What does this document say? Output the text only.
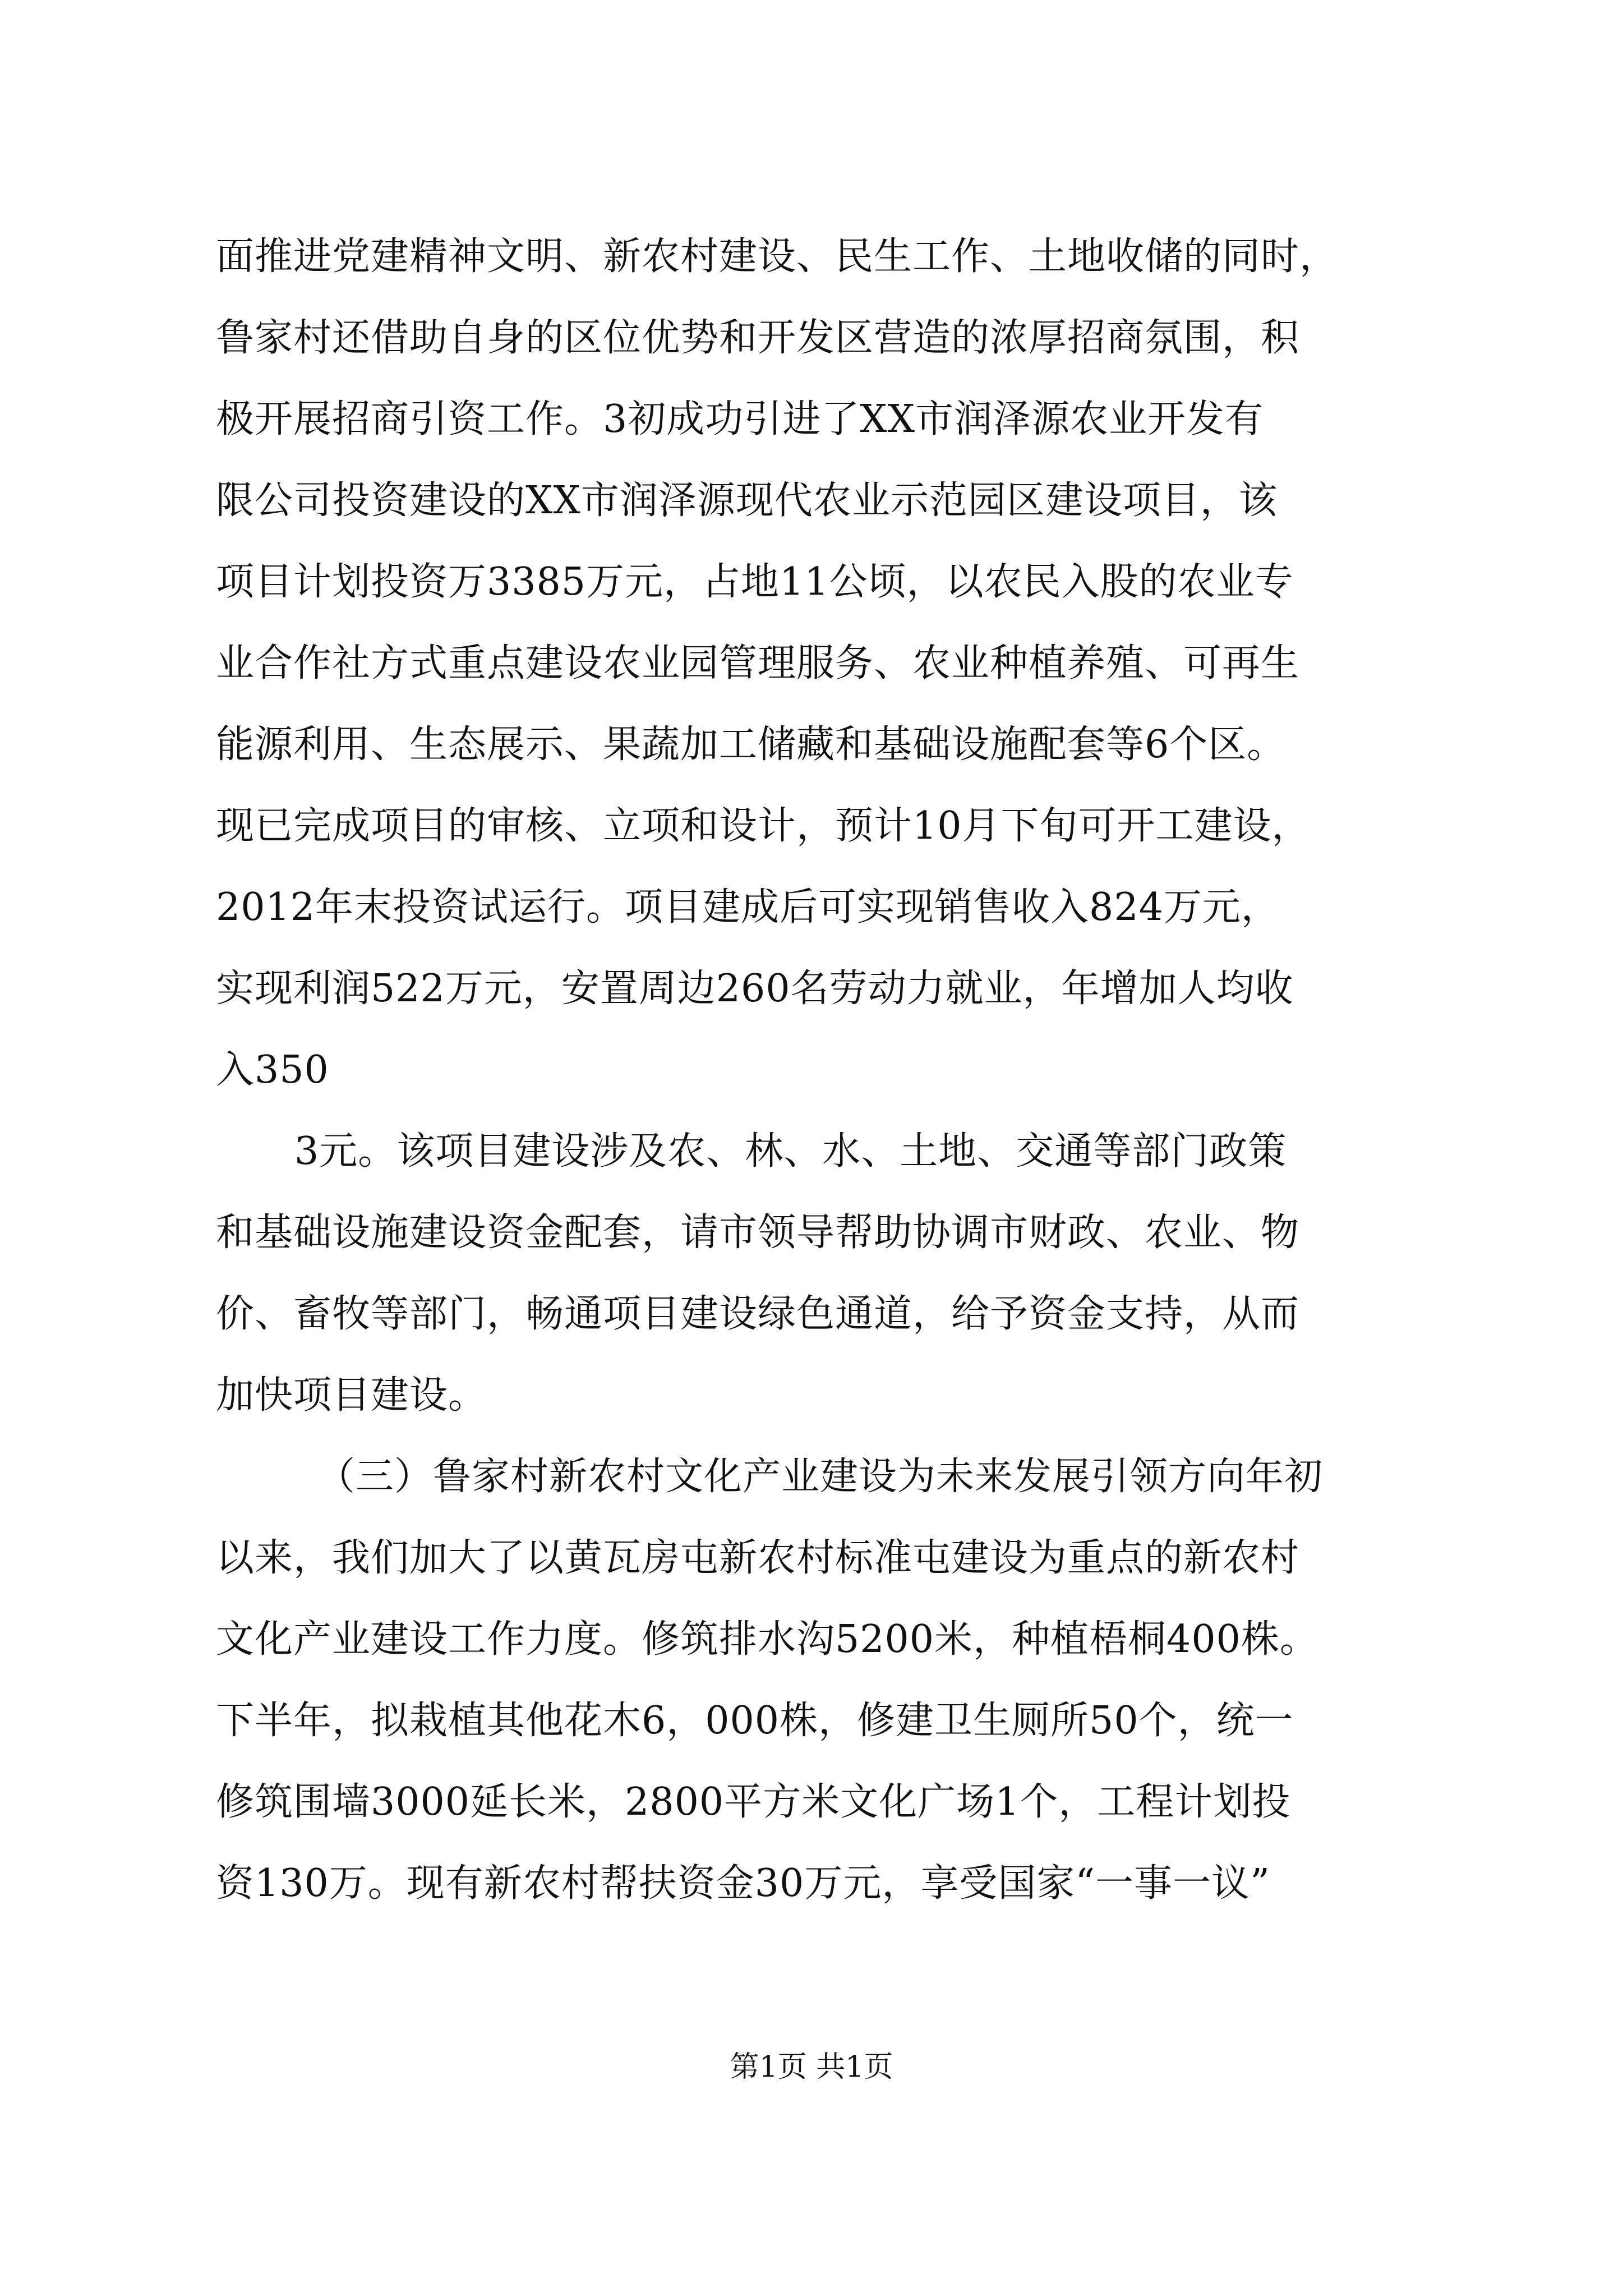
面推进党建精神文明、新农村建设、民生工作、土地收储的同时，
鲁家村还借助自身的区位优势和开发区营造的浓厚招商氛围，积
极开展招商引资工作。3初成功引进了XX市润泽源农业开发有
限公司投资建设的XX市润泽源现代农业示范园区建设项目，该
项目计划投资万3385万元，占地11公顷，以农民入股的农业专
业合作社方式重点建设农业园管理服务、农业种植养殖、可再生
能源利用、生态展示、果蔬加工储藏和基础设施配套等6个区。
现已完成项目的审核、立项和设计，预计10月下旬可开工建设，
2012年末投资试运行。项目建成后可实现销售收入824万元，
实现利润522万元，安置周边260名劳动力就业，年增加人均收
入350
3元。该项目建设涉及农、林、水、土地、交通等部门政策
和基础设施建设资金配套，请市领导帮助协调市财政、农业、物
价、畜牧等部门，畅通项目建设绿色通道，给予资金支持，从而
加快项目建设。
（三）鲁家村新农村文化产业建设为未来发展引领方向年初
以来，我们加大了以黄瓦房屯新农村标准屯建设为重点的新农村
文化产业建设工作力度。修筑排水沟5200米，种植梧桐400株。
下半年，拟栽植其他花木6，000株，修建卫生厕所50个，统一
修筑围墙3000延长米，2800平方米文化广场1个，工程计划投
资130万。现有新农村帮扶资金30万元，享受国家“一事一议”
第1页 共1页
